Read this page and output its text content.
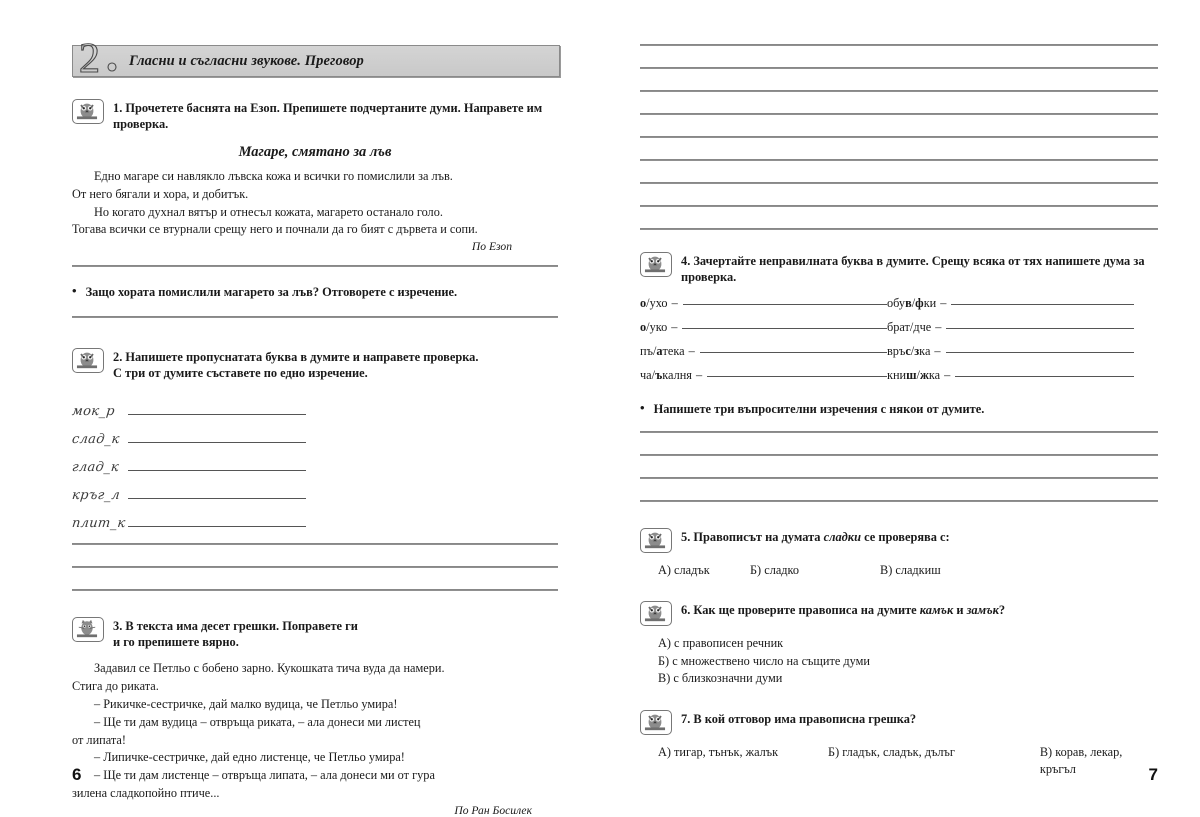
2 Гласни и съгласни звукове. Преговор
1. Прочетете баснята на Езоп. Препишете подчертаните думи. Направете им проверка.
Магаре, смятано за лъв

Едно магаре си навлякло лъвска кожа и всички го помислили за лъв.

От него бягали и хора, и добитък.

Но когато духнал вятър и отнесъл кожата, магарето останало голо.

Тогава всички се втурнали срещу него и почнали да го бият с дървета и сопи.

По Езоп
• Защо хората помислили магарето за лъв? Отговорете с изречение.
2. Напишете пропуснатата буква в думите и направете проверка.
С три от думите съставете по едно изречение.
мок_р
слад_к
глад_к
кръг_л
плит_к
3. В текста има десет грешки. Поправете ги
и го препишете вярно.

Задавил се Петльо с бобено зарно. Кукошката тича вуда да намери.

Стига до риката.

– Рикичке-сестричке, дай малко вудица, че Петльо умира!

– Ще ти дам вудица – отвръща риката, – ала донеси ми листец

от липата!

– Липичке-сестричке, дай едно листенце, че Петльо умира!

– Ще ти дам листенце – отвръща липата, – ала донеси ми от гура

зилена сладкопойно птиче...

По Ран Босилек
6
4. Зачертайте неправилната буква в думите. Срещу всяка от тях напишете дума за проверка.
о/ухо –	обув/фки –
о/уко –	брат/дче –
пъ/атека –	връс/зка –
ча/ъкалня –	книш/жка –
• Напишете три въпросителни изречения с някои от думите.
5. Правописът на думата сладки се проверява с:
А) сладък	Б) сладко	В) сладкиш
6. Как ще проверите правописа на думите камък и замък?
А) с правописен речник
Б) с множествено число на същите думи
В) с близкозначни думи
7. В кой отговор има правописна грешка?
А) тигар, тънък, жалък	Б) гладък, сладък, дълъг	В) корав, лекар, кръгъл	7
